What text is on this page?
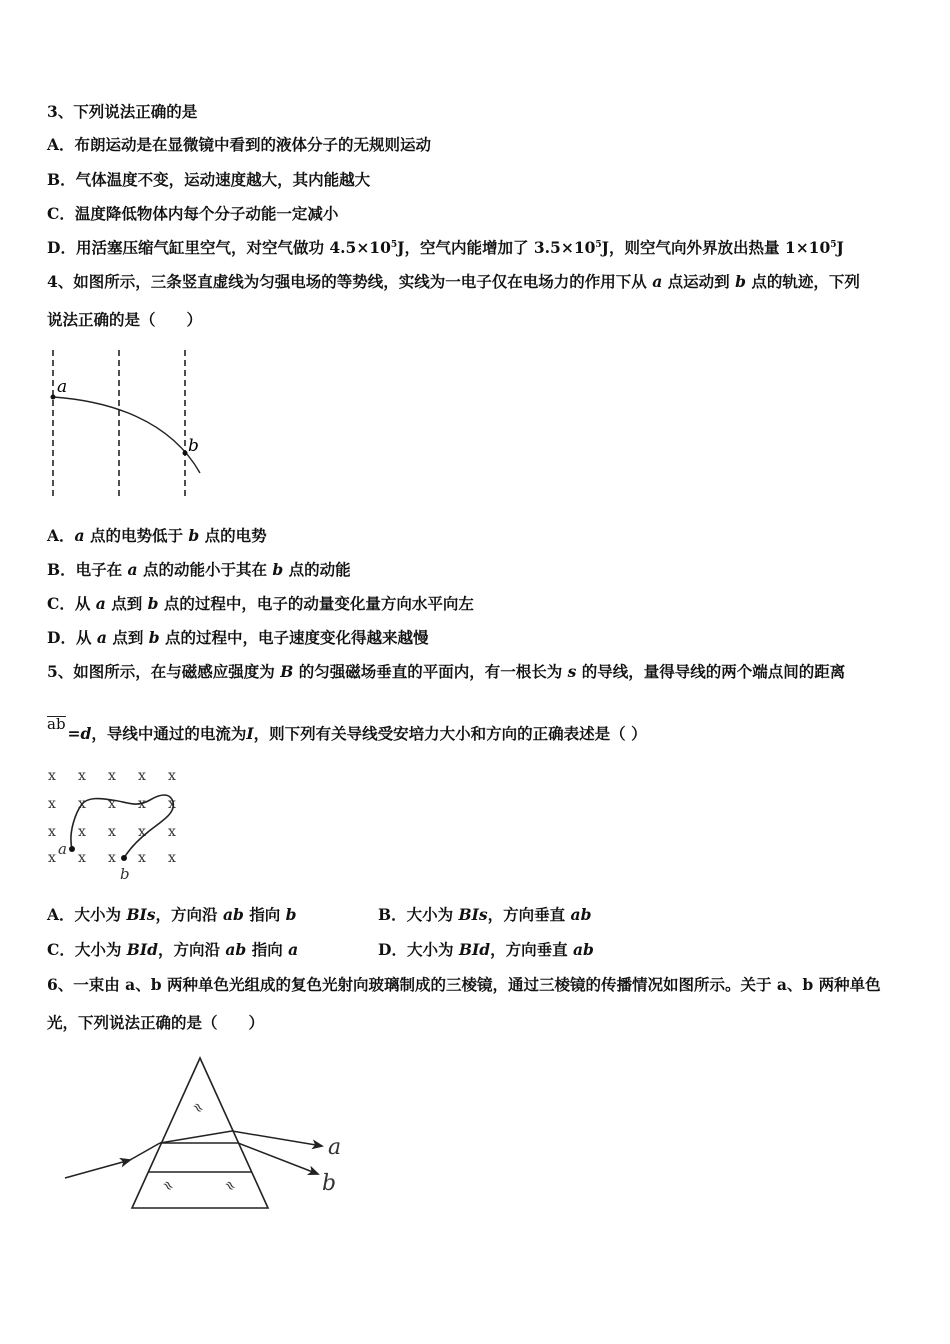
3、下列说法正确的是
A．布朗运动是在显微镜中看到的液体分子的无规则运动
B．气体温度不变，运动速度越大，其内能越大
C．温度降低物体内每个分子动能一定减小
D．用活塞压缩气缸里空气，对空气做功 $4.5\times 10^5J$，空气内能增加了 $3.5\times 10^5J$，则空气向外界放出热量 $1\times 10^5J$
4、如图所示，三条竖直虚线为匀强电场的等势线，实线为一电子仅在电场力的作用下从 a 点运动到 b 点的轨迹，下列
说法正确的是（　　）
a
b
A．a 点的电势低于 b 点的电势
B．电子在 a 点的动能小于其在 b 点的动能
C．从 a 点到 b 点的过程中，电子的动量变化量方向水平向左
D．从 a 点到 b 点的过程中，电子速度变化得越来越慢
5、如图所示，在与磁感应强度为 B 的匀强磁场垂直的平面内，有一根长为 s 的导线，量得导线的两个端点间的距离
ab =d，导线中通过的电流为I，则下列有关导线受安培力大小和方向的正确表述是（ ）
x x x x x
x x x x x
x x x x x
x x x x x
a
b
A．大小为 BIs，方向沿 ab 指向 b	B．大小为 BIs，方向垂直 ab
C．大小为 BId，方向沿 ab 指向 a	D．大小为 BId，方向垂直 ab
6、一束由 a、b 两种单色光组成的复色光射向玻璃制成的三棱镜，通过三棱镜的传播情况如图所示。关于 a、b 两种单色
光，下列说法正确的是（　　）
≈
≈	≈
a
b
